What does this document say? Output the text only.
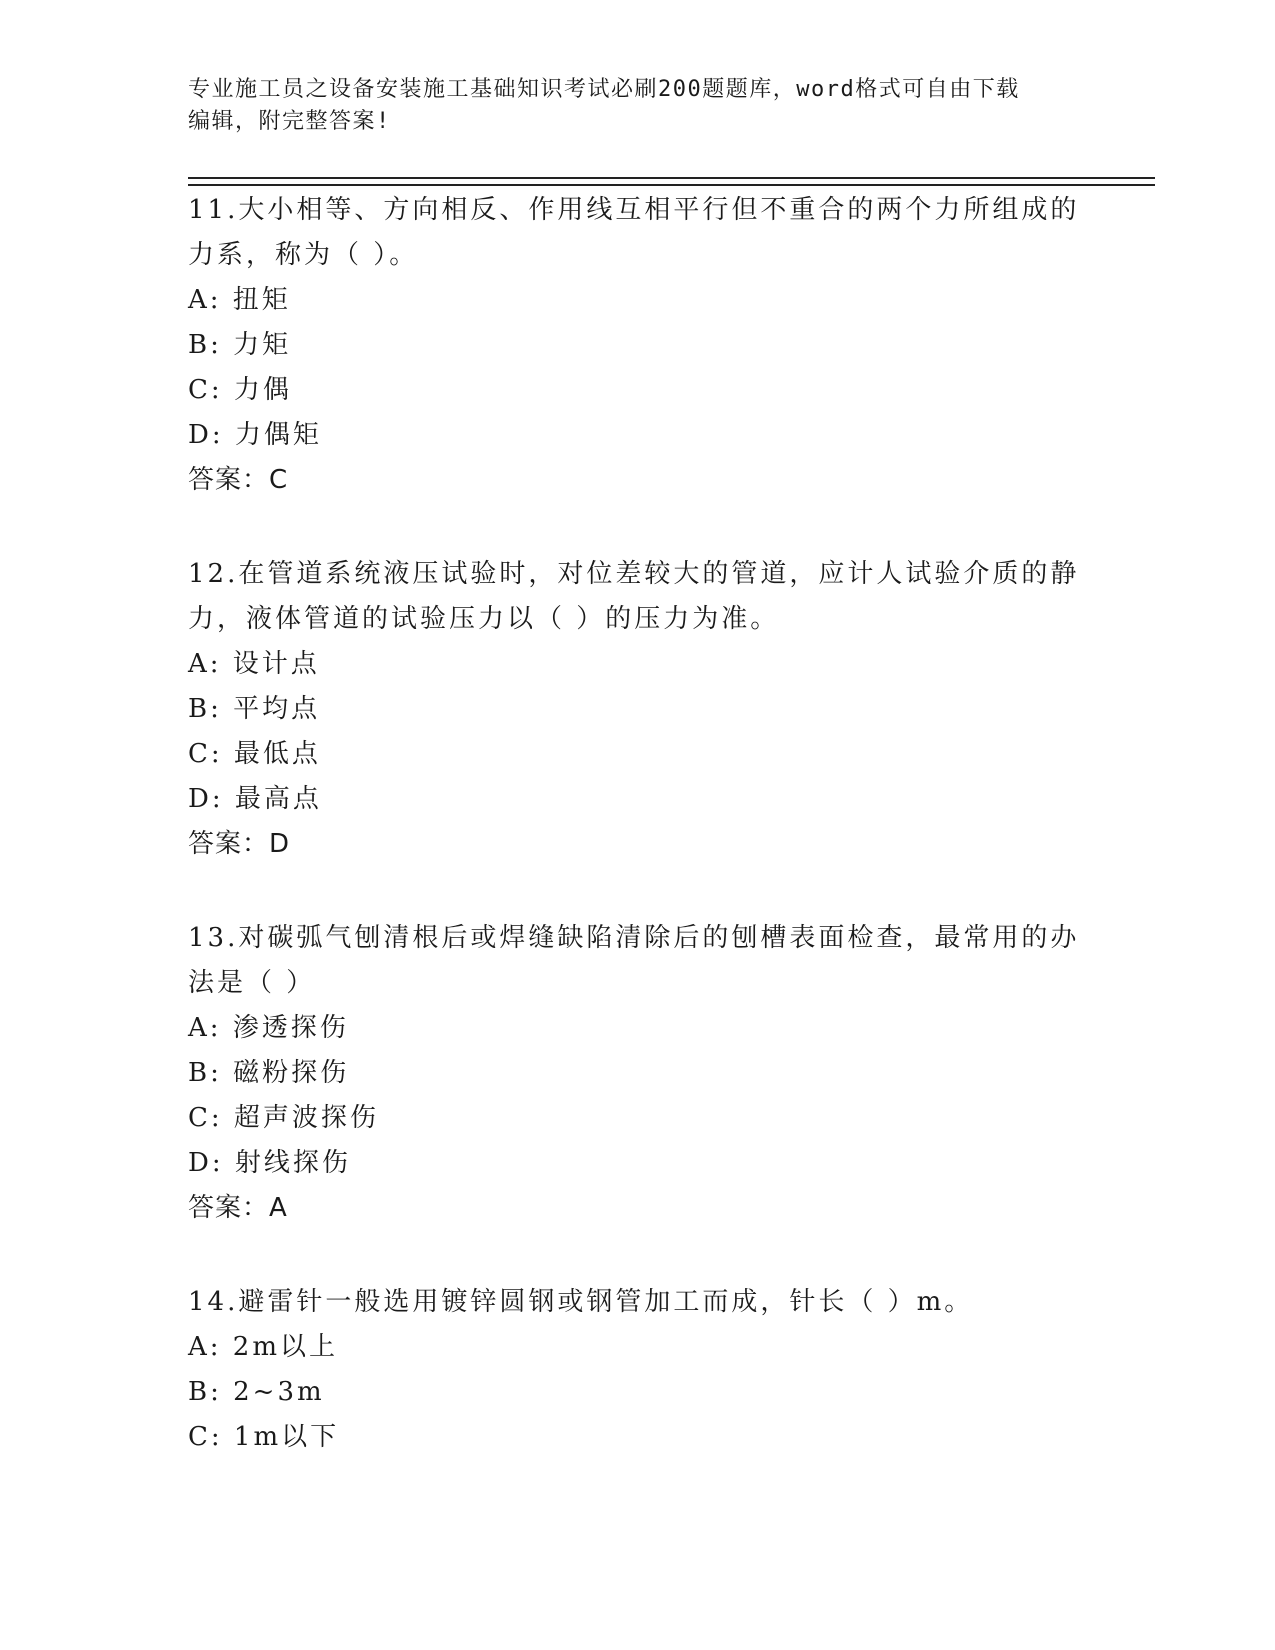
专业施工员之设备安装施工基础知识考试必刷200题题库，word格式可自由下载
编辑，附完整答案!

11.大小相等、方向相反、作用线互相平行但不重合的两个力所组成的

力系，称为（ ）。

A: 扭矩

B: 力矩

C: 力偶

D: 力偶矩

答案：C

12.在管道系统液压试验时，对位差较大的管道，应计人试验介质的静

力，液体管道的试验压力以（ ）的压力为准。

A: 设计点

B: 平均点

C: 最低点

D: 最高点

答案：D

13.对碳弧气刨清根后或焊缝缺陷清除后的刨槽表面检查，最常用的办

法是（ ）

A: 渗透探伤

B: 磁粉探伤

C: 超声波探伤

D: 射线探伤

答案：A

14.避雷针一般选用镀锌圆钢或钢管加工而成，针长（ ）m。

A: 2m以上

B: 2~3m

C: 1m以下
